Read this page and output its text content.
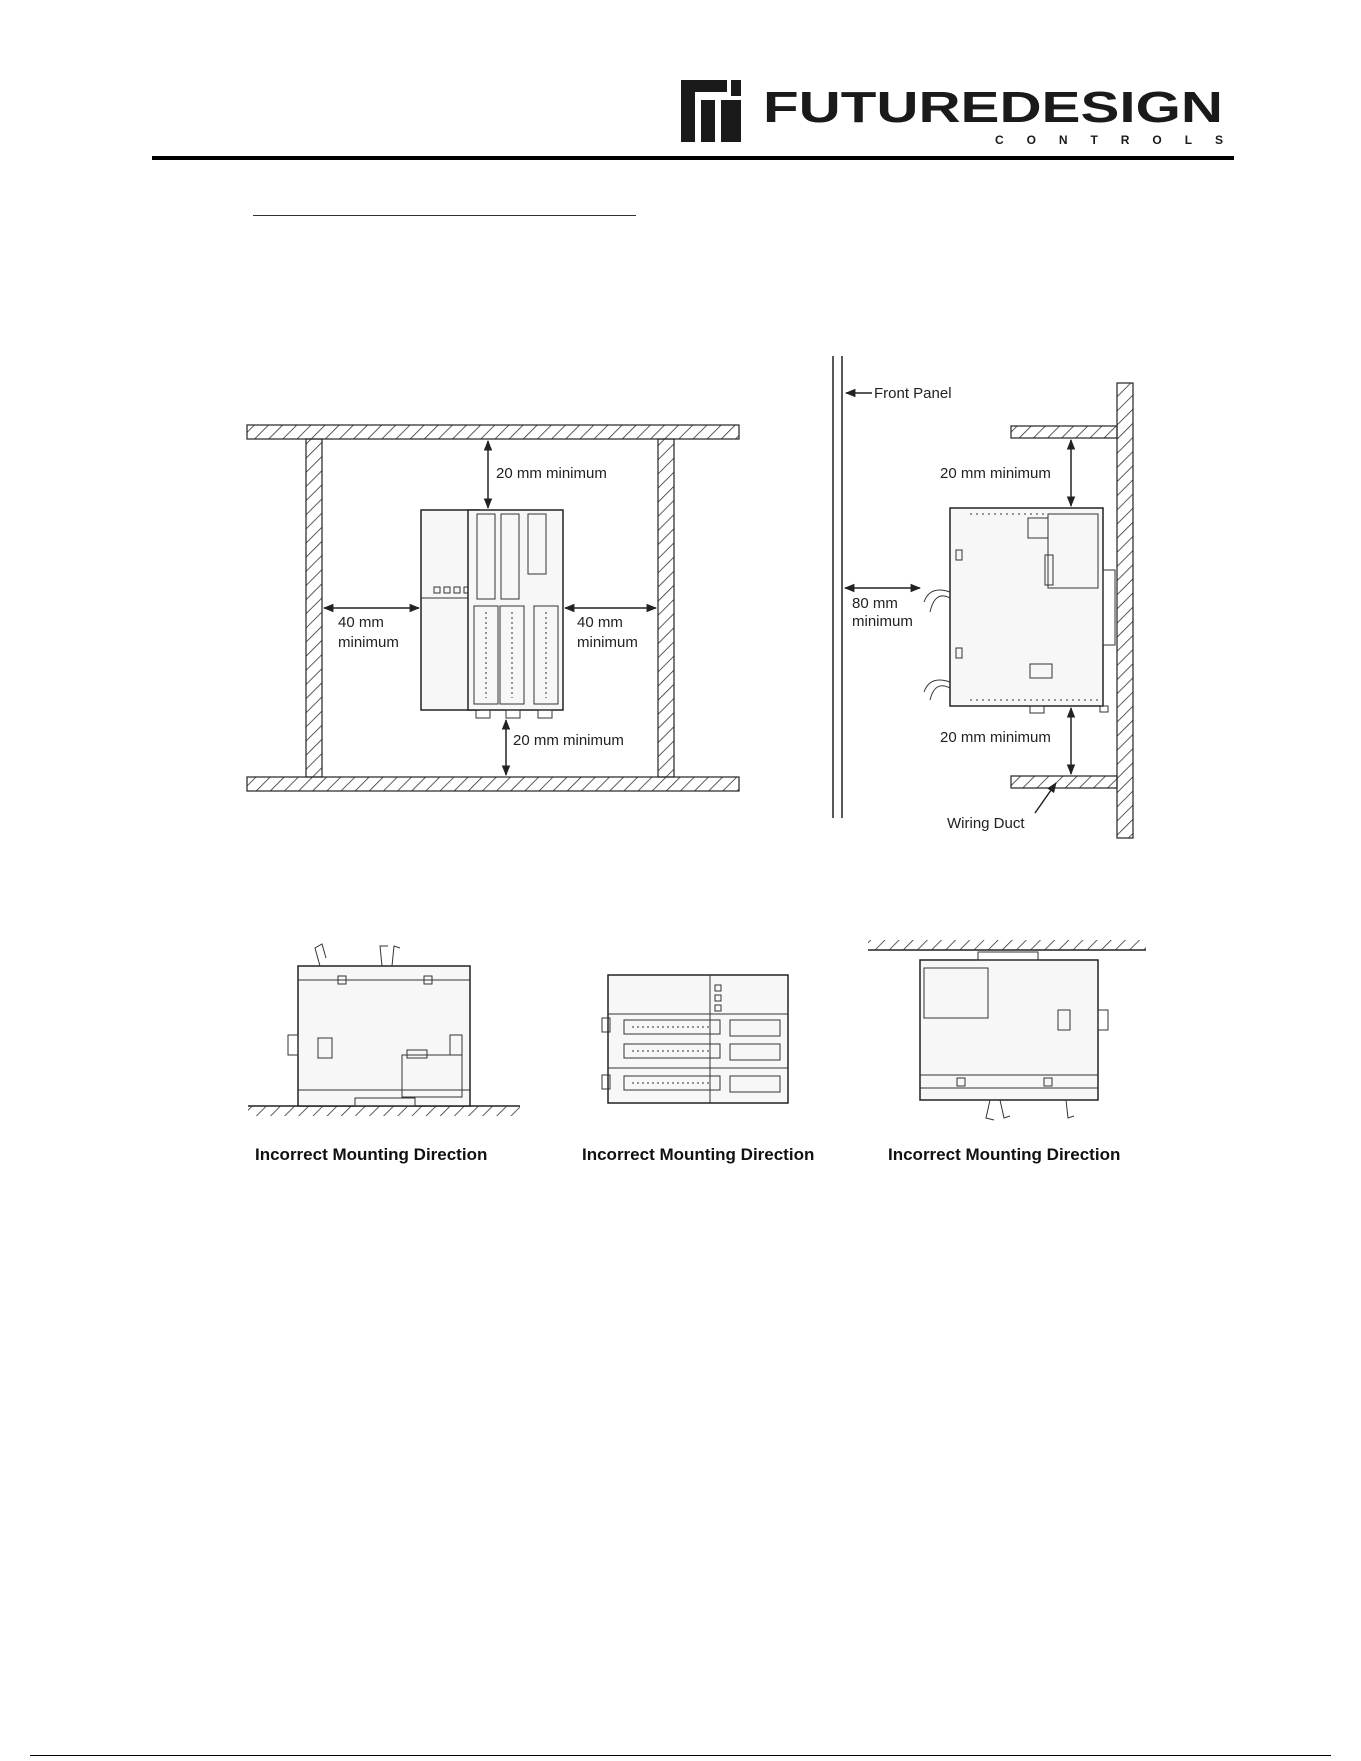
FUTUREDESIGN
CONTROLS
20 mm minimum
20 mm minimum
40 mm
minimum
40 mm
minimum
Front Panel
20 mm minimum
20 mm minimum
80 mm
minimum
Wiring Duct
Incorrect Mounting Direction	Incorrect Mounting Direction	Incorrect Mounting Direction
